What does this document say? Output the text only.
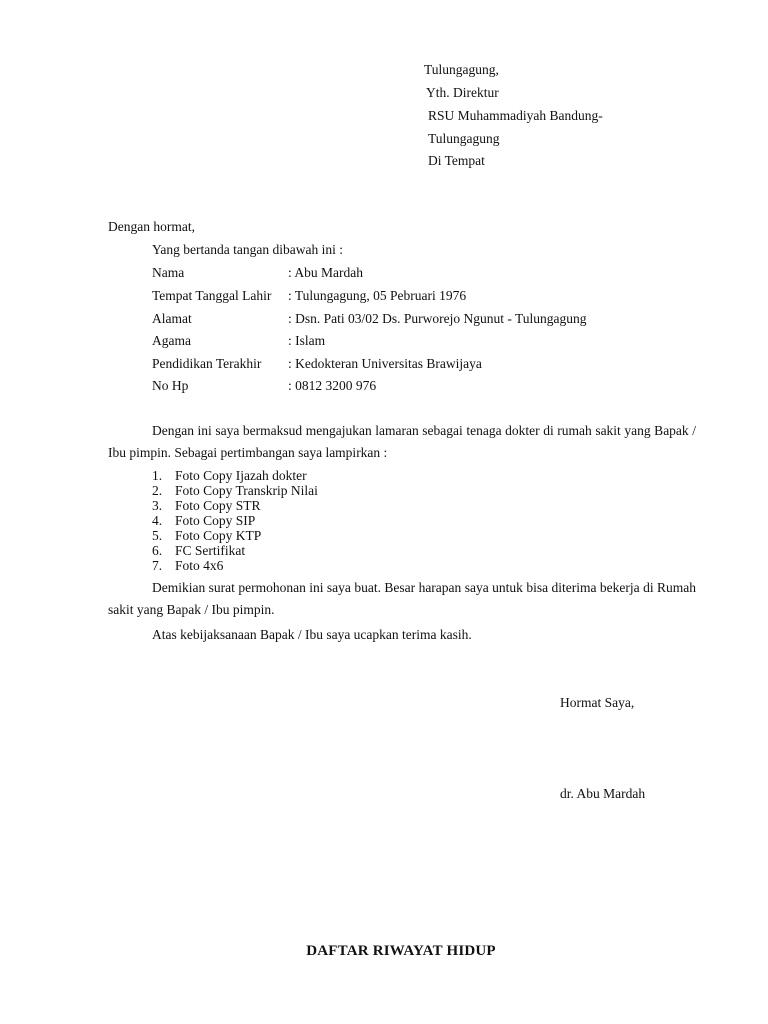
Tulungagung,
Yth. Direktur
RSU Muhammadiyah Bandung-
Tulungagung
Di Tempat
Dengan hormat,
Yang bertanda tangan dibawah ini :
Nama	: Abu Mardah
Tempat Tanggal Lahir : Tulungagung, 05 Pebruari 1976
Alamat	: Dsn. Pati 03/02 Ds. Purworejo Ngunut - Tulungagung
Agama	: Islam
Pendidikan Terakhir : Kedokteran Universitas Brawijaya
No Hp	: 0812 3200 976
Dengan ini saya bermaksud mengajukan lamaran sebagai tenaga dokter di rumah sakit yang Bapak / Ibu pimpin. Sebagai pertimbangan saya lampirkan :
1. Foto Copy Ijazah dokter
2. Foto Copy Transkrip Nilai
3. Foto Copy STR
4. Foto Copy SIP
5. Foto Copy KTP
6. FC Sertifikat
7. Foto 4x6
Demikian surat permohonan ini saya buat. Besar harapan saya untuk bisa diterima bekerja di Rumah sakit yang Bapak / Ibu pimpin.
Atas kebijaksanaan Bapak / Ibu saya ucapkan terima kasih.
Hormat Saya,
dr. Abu Mardah
DAFTAR RIWAYAT HIDUP
